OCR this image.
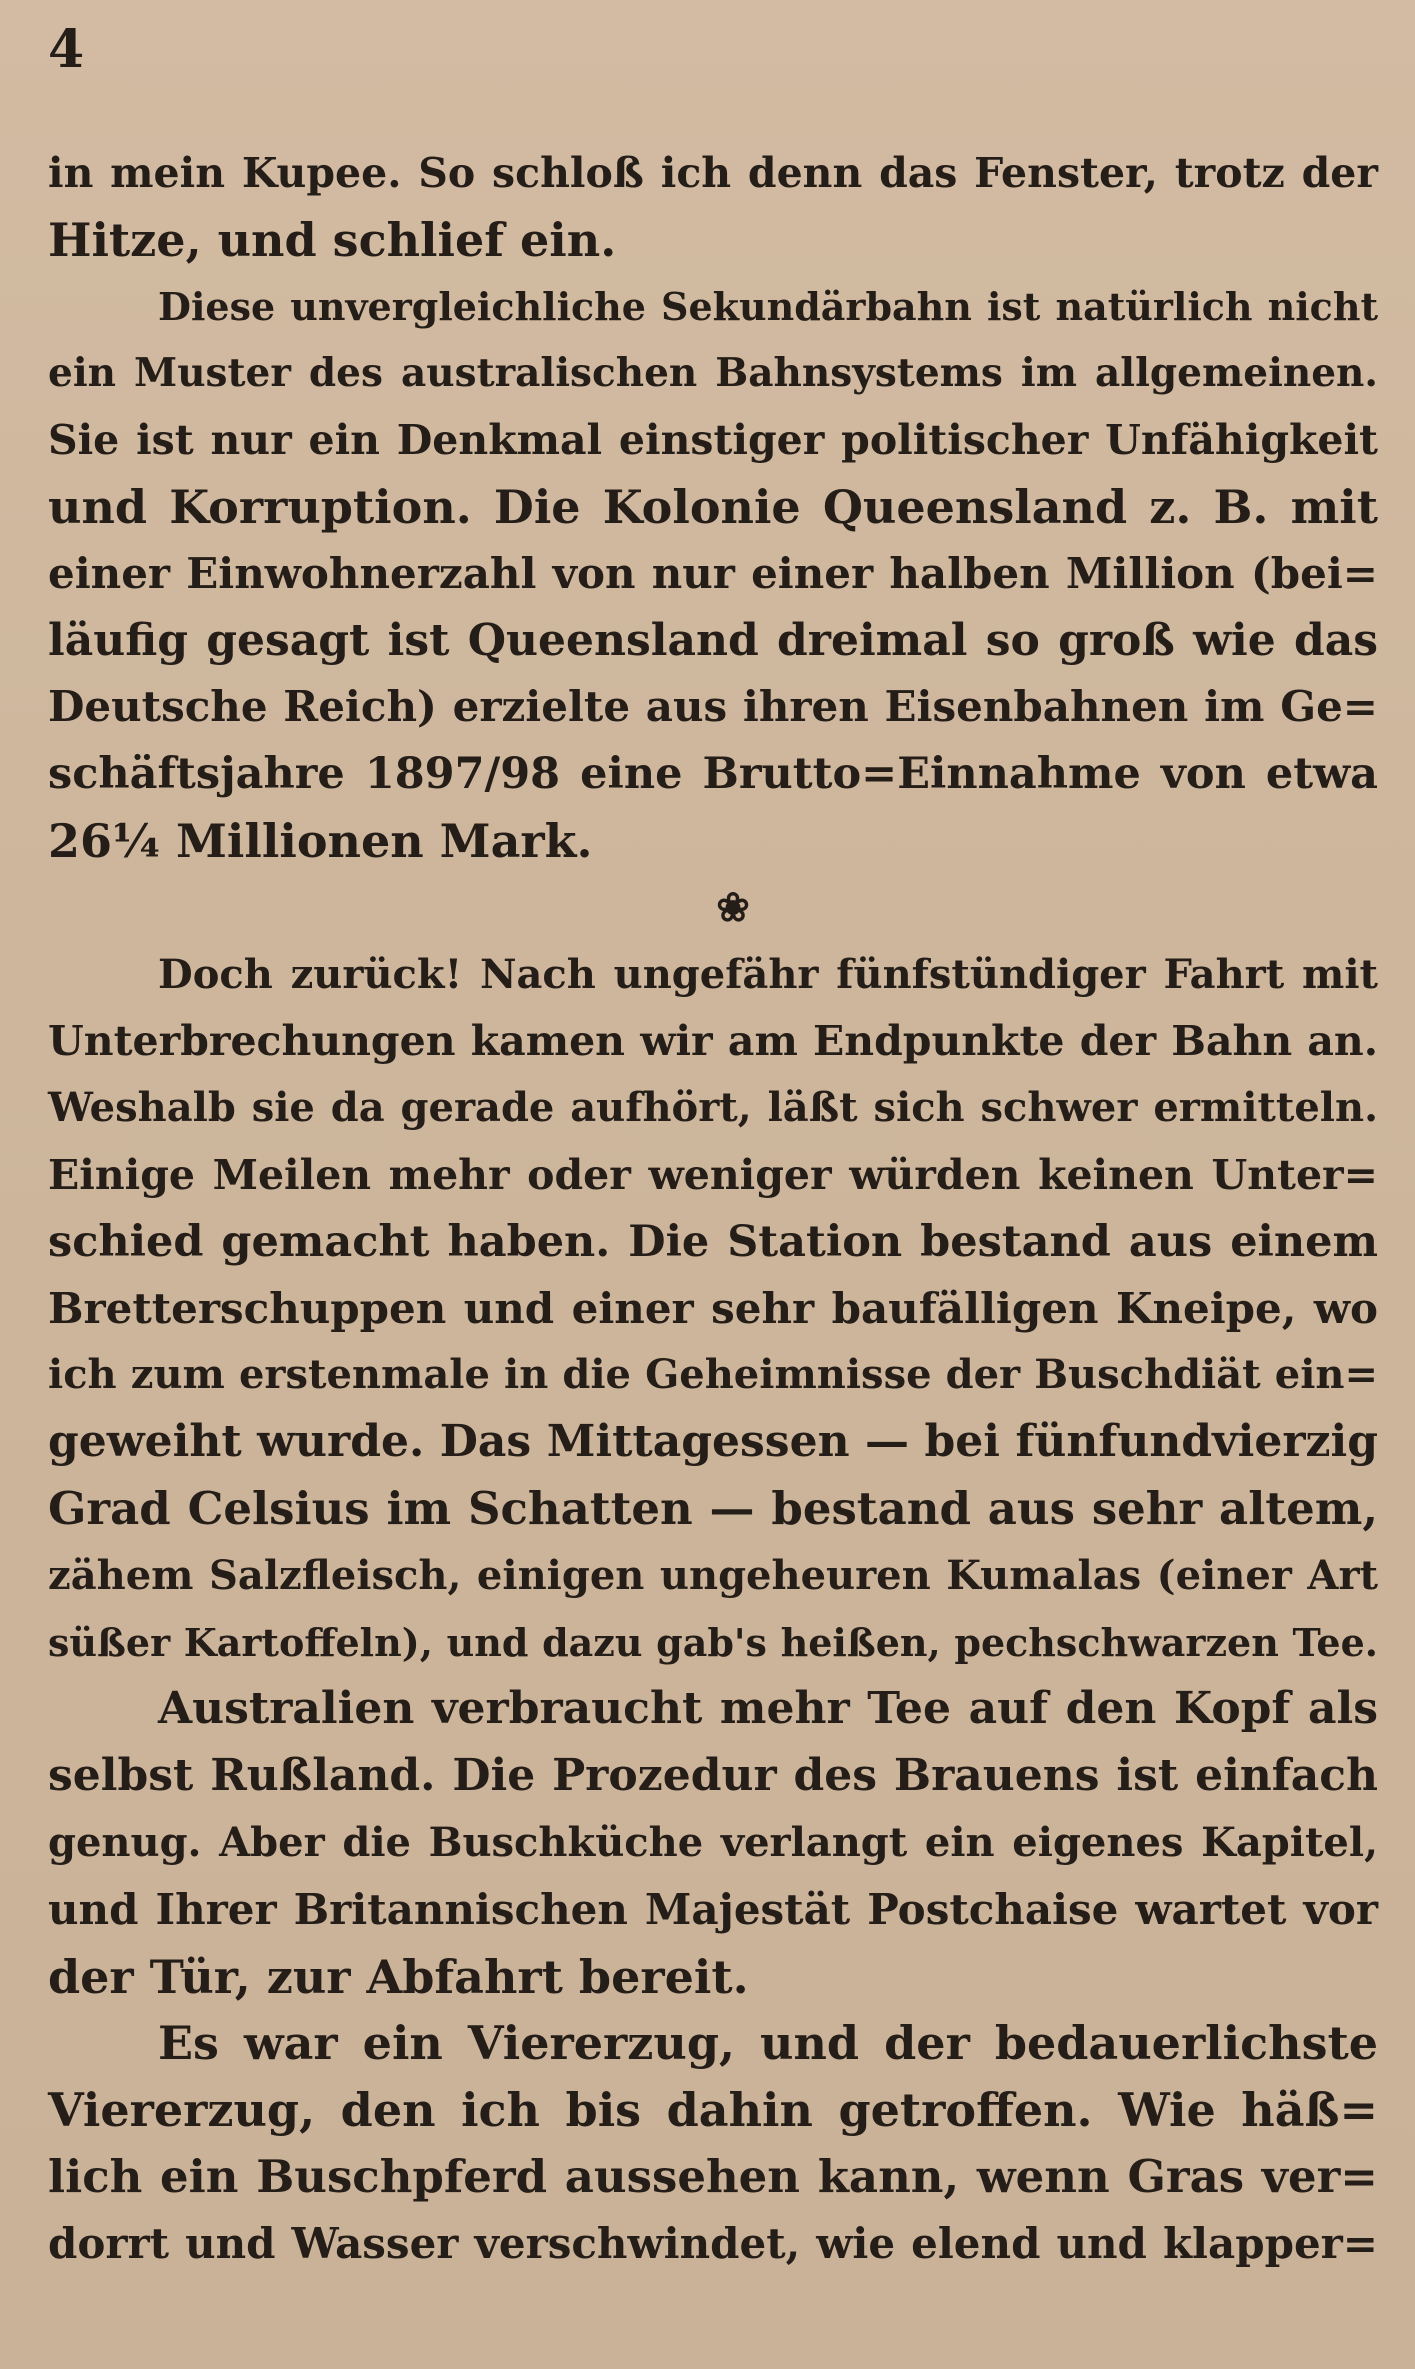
4
in mein Kupee. So schloß ich denn das Fenster, trotz der
Hitze, und schlief ein.
Diese unvergleichliche Sekundärbahn ist natürlich nicht
ein Muster des australischen Bahnsystems im allgemeinen.
Sie ist nur ein Denkmal einstiger politischer Unfähigkeit
und Korruption. Die Kolonie Queensland z. B. mit
einer Einwohnerzahl von nur einer halben Million (bei=
läufig gesagt ist Queensland dreimal so groß wie das
Deutsche Reich) erzielte aus ihren Eisenbahnen im Ge=
schäftsjahre 1897/98 eine Brutto=Einnahme von etwa
26¼ Millionen Mark.
❀
Doch zurück! Nach ungefähr fünfstündiger Fahrt mit
Unterbrechungen kamen wir am Endpunkte der Bahn an.
Weshalb sie da gerade aufhört, läßt sich schwer ermitteln.
Einige Meilen mehr oder weniger würden keinen Unter=
schied gemacht haben. Die Station bestand aus einem
Bretterschuppen und einer sehr baufälligen Kneipe, wo
ich zum erstenmale in die Geheimnisse der Buschdiät ein=
geweiht wurde. Das Mittagessen — bei fünfundvierzig
Grad Celsius im Schatten — bestand aus sehr altem,
zähem Salzfleisch, einigen ungeheuren Kumalas (einer Art
süßer Kartoffeln), und dazu gab's heißen, pechschwarzen Tee.
Australien verbraucht mehr Tee auf den Kopf als
selbst Rußland. Die Prozedur des Brauens ist einfach
genug. Aber die Buschküche verlangt ein eigenes Kapitel,
und Ihrer Britannischen Majestät Postchaise wartet vor
der Tür, zur Abfahrt bereit.
Es war ein Viererzug, und der bedauerlichste
Viererzug, den ich bis dahin getroffen. Wie häß=
lich ein Buschpferd aussehen kann, wenn Gras ver=
dorrt und Wasser verschwindet, wie elend und klapper=
